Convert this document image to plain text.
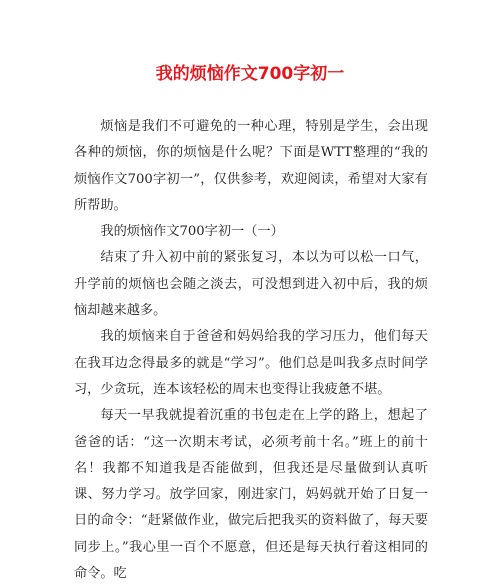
我的烦恼作文700字初一

烦恼是我们不可避免的一种心理，特别是学生，会出现各种的烦恼，你的烦恼是什么呢？下面是WTT整理的“我的烦恼作文700字初一”，仅供参考，欢迎阅读，希望对大家有所帮助。

我的烦恼作文700字初一（一）

结束了升入初中前的紧张复习，本以为可以松一口气，升学前的烦恼也会随之淡去，可没想到进入初中后，我的烦恼却越来越多。

我的烦恼来自于爸爸和妈妈给我的学习压力，他们每天在我耳边念得最多的就是“学习”。他们总是叫我多点时间学习，少贪玩，连本该轻松的周末也变得让我疲惫不堪。

每天一早我就提着沉重的书包走在上学的路上，想起了爸爸的话：“这一次期末考试，必须考前十名。”班上的前十名！我都不知道我是否能做到，但我还是尽量做到认真听课、努力学习。放学回家，刚进家门，妈妈就开始了日复一日的命令：“赶紧做作业，做完后把我买的资料做了，每天要同步上。”我心里一百个不愿意，但还是每天执行着这相同的命令。吃
